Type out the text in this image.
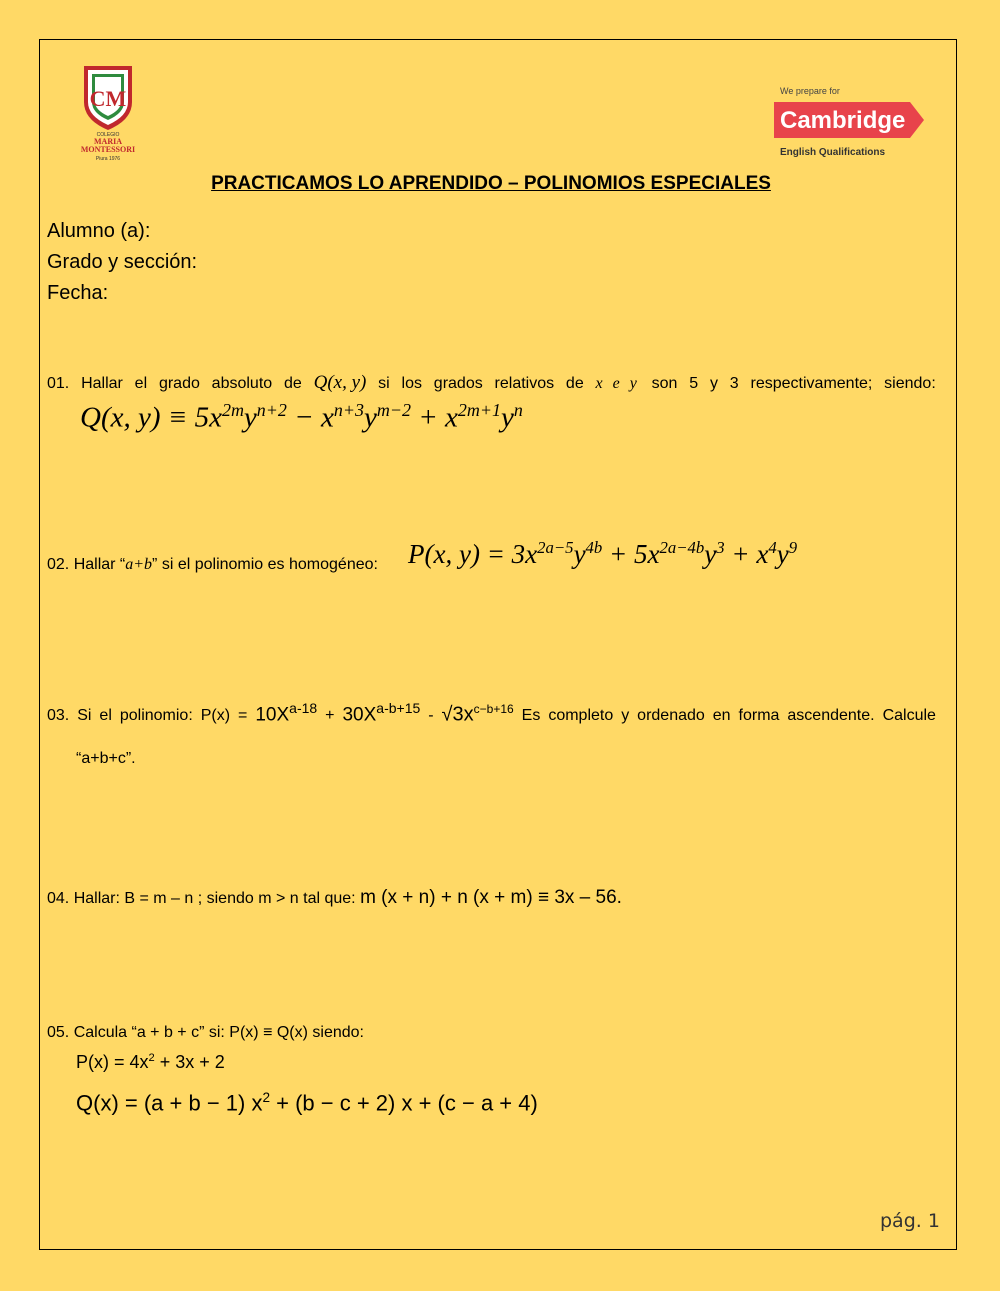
CM
COLEGIO
MARIA
MONTESSORI
Piura 1976
We prepare for
Cambridge
English Qualifications
PRACTICAMOS LO APRENDIDO – POLINOMIOS ESPECIALES
Alumno (a):
Grado y sección:
Fecha:
01. Hallar el grado absoluto de Q(x, y) si los grados relativos de x e y son 5 y 3 respectivamente; siendo:
Q(x, $y) \equiv 5x^{2m}y^{n+2} - x^{n+3}y^{m-2} + x^{2m+1}y^n$
02. Hallar “a+b” si el polinomio es homogéneo: P(x, $y) = 3x^{2a-5}y^{4b} + 5x^{2a-4b}y^3 + x^4y^9$
03. Si el polinomio: $P(x) = 10X^{a-18} + 30X^{a-b+15} - √3x^{c-b+16}$ Es completo y ordenado en forma ascendente. Calcule
“a+b+c”.
04. Hallar: B = m – n ; siendo m > n tal que: m (x + n) + n (x + m) ≡ 3x – 56.
05. Calcula “a + b + c” si: P(x) ≡ Q(x) siendo:
$P(x) = 4x^2 + 3x + 2$
Q(x) = (a + b − 1) $x^2 + (b - c + 2) x + (c - a + 4)$
pág. 1
